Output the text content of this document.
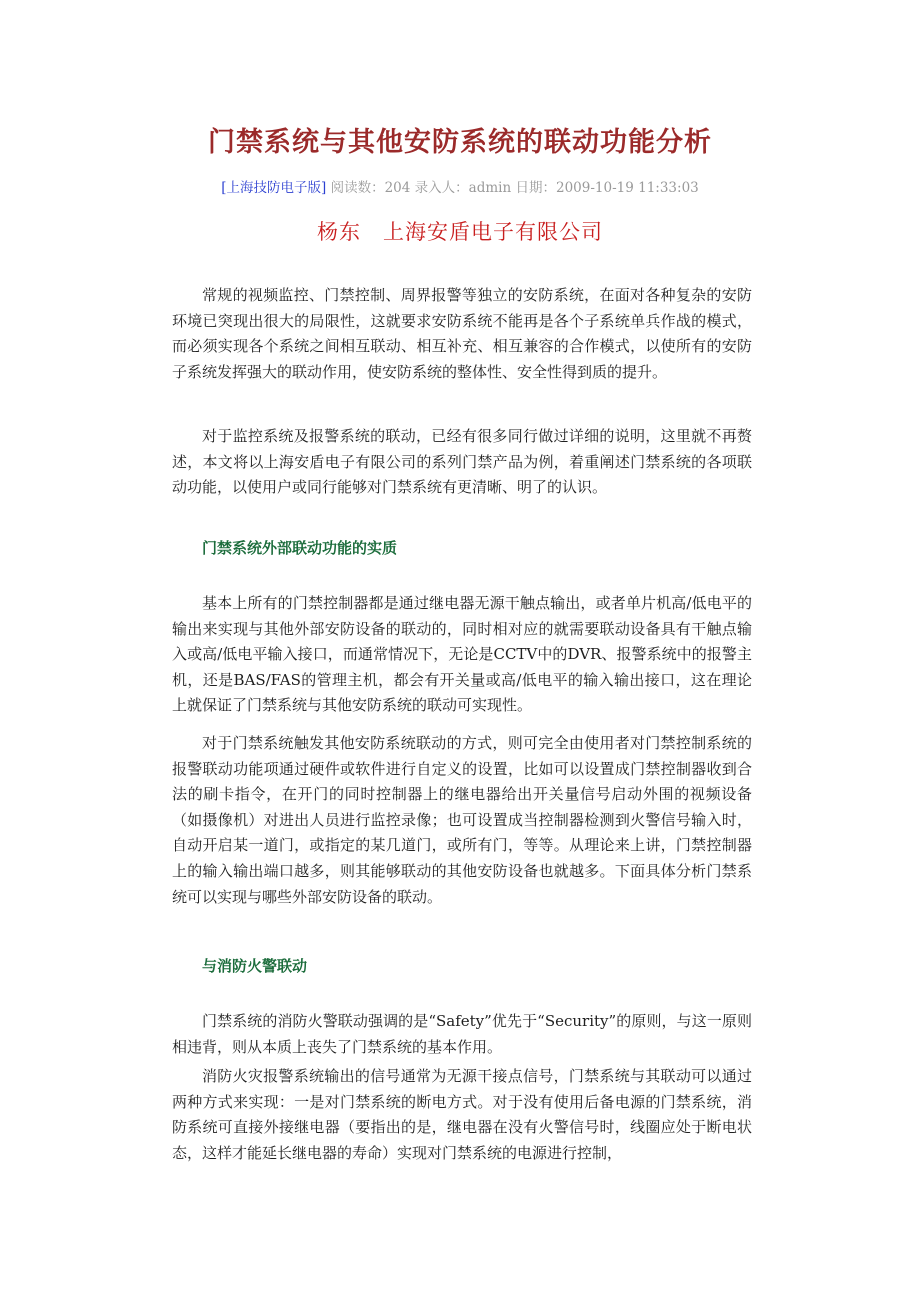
门禁系统与其他安防系统的联动功能分析
[上海技防电子版] 阅读数：204 录入人：admin 日期：2009-10-19 11:33:03
杨东 上海安盾电子有限公司

常规的视频监控、门禁控制、周界报警等独立的安防系统，在面对各种复杂的安防环境已突现出很大的局限性，这就要求安防系统不能再是各个子系统单兵作战的模式，而必须实现各个系统之间相互联动、相互补充、相互兼容的合作模式，以使所有的安防子系统发挥强大的联动作用，使安防系统的整体性、安全性得到质的提升。

对于监控系统及报警系统的联动，已经有很多同行做过详细的说明，这里就不再赘述，本文将以上海安盾电子有限公司的系列门禁产品为例，着重阐述门禁系统的各项联动功能，以使用户或同行能够对门禁系统有更清晰、明了的认识。

门禁系统外部联动功能的实质

基本上所有的门禁控制器都是通过继电器无源干触点输出，或者单片机高/低电平的输出来实现与其他外部安防设备的联动的，同时相对应的就需要联动设备具有干触点输入或高/低电平输入接口，而通常情况下，无论是CCTV中的DVR、报警系统中的报警主机，还是BAS/FAS的管理主机，都会有开关量或高/低电平的输入输出接口，这在理论上就保证了门禁系统与其他安防系统的联动可实现性。

对于门禁系统触发其他安防系统联动的方式，则可完全由使用者对门禁控制系统的报警联动功能项通过硬件或软件进行自定义的设置，比如可以设置成门禁控制器收到合法的刷卡指令，在开门的同时控制器上的继电器给出开关量信号启动外围的视频设备（如摄像机）对进出人员进行监控录像；也可设置成当控制器检测到火警信号输入时，自动开启某一道门，或指定的某几道门，或所有门，等等。从理论来上讲，门禁控制器上的输入输出端口越多，则其能够联动的其他安防设备也就越多。下面具体分析门禁系统可以实现与哪些外部安防设备的联动。

与消防火警联动

门禁系统的消防火警联动强调的是“Safety”优先于“Security”的原则，与这一原则相违背，则从本质上丧失了门禁系统的基本作用。

消防火灾报警系统输出的信号通常为无源干接点信号，门禁系统与其联动可以通过两种方式来实现：一是对门禁系统的断电方式。对于没有使用后备电源的门禁系统，消防系统可直接外接继电器（要指出的是，继电器在没有火警信号时，线圈应处于断电状态，这样才能延长继电器的寿命）实现对门禁系统的电源进行控制，
